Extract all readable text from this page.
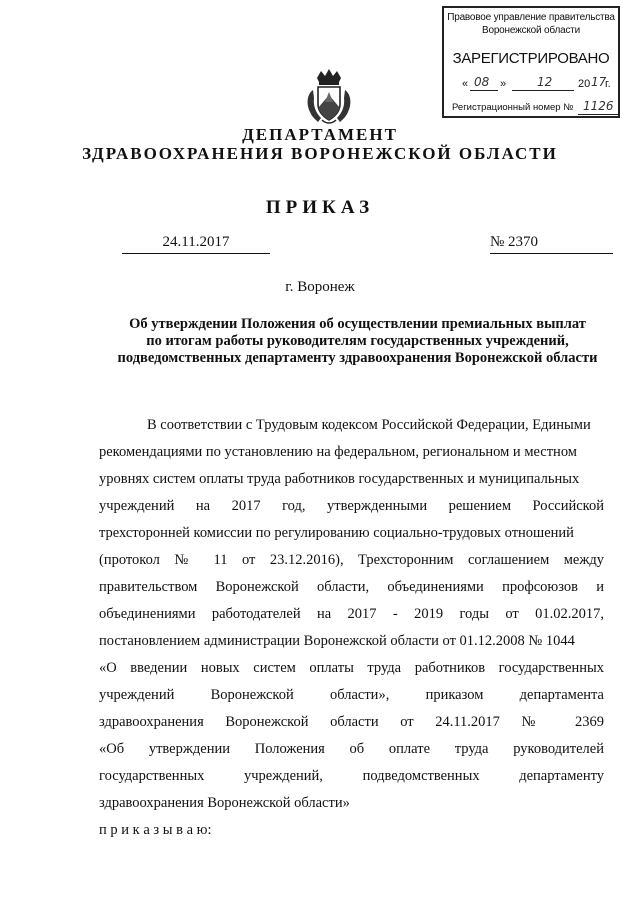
Правовое управление правительства
Воронежской области
ЗАРЕГИСТРИРОВАНО
« 08 »	12 20 17
г.
Регистрационный номер № 1126
ДЕПАРТАМЕНТ
ЗДРАВООХРАНЕНИЯ ВОРОНЕЖСКОЙ ОБЛАСТИ
ПРИКАЗ
24.11.2017	№ 2370
г. Воронеж
Об утверждении Положения об осуществлении премиальных выплат
по итогам работы руководителям государственных учреждений,
подведомственных департаменту здравоохранения Воронежской области
В соответствии с Трудовым кодексом Российской Федерации, Едиными
рекомендациями по установлению на федеральном, региональном и местном
уровнях систем оплаты труда работников государственных и муниципальных
учреждений на 2017 год, утвержденными решением Российской
трехсторонней комиссии по регулированию социально-трудовых отношений
(протокол № 11 от 23.12.2016), Трехсторонним соглашением между
правительством Воронежской области, объединениями профсоюзов и
объединениями работодателей на 2017 - 2019 годы от 01.02.2017,
постановлением администрации Воронежской области от 01.12.2008 № 1044
«О введении новых систем оплаты труда работников государственных
учреждений Воронежской области», приказом департамента
здравоохранения Воронежской области от 24.11.2017 № 2369
«Об утверждении Положения об оплате труда руководителей
государственных учреждений, подведомственных департаменту
здравоохранения Воронежской области»
п р и к а з ы в а ю:
